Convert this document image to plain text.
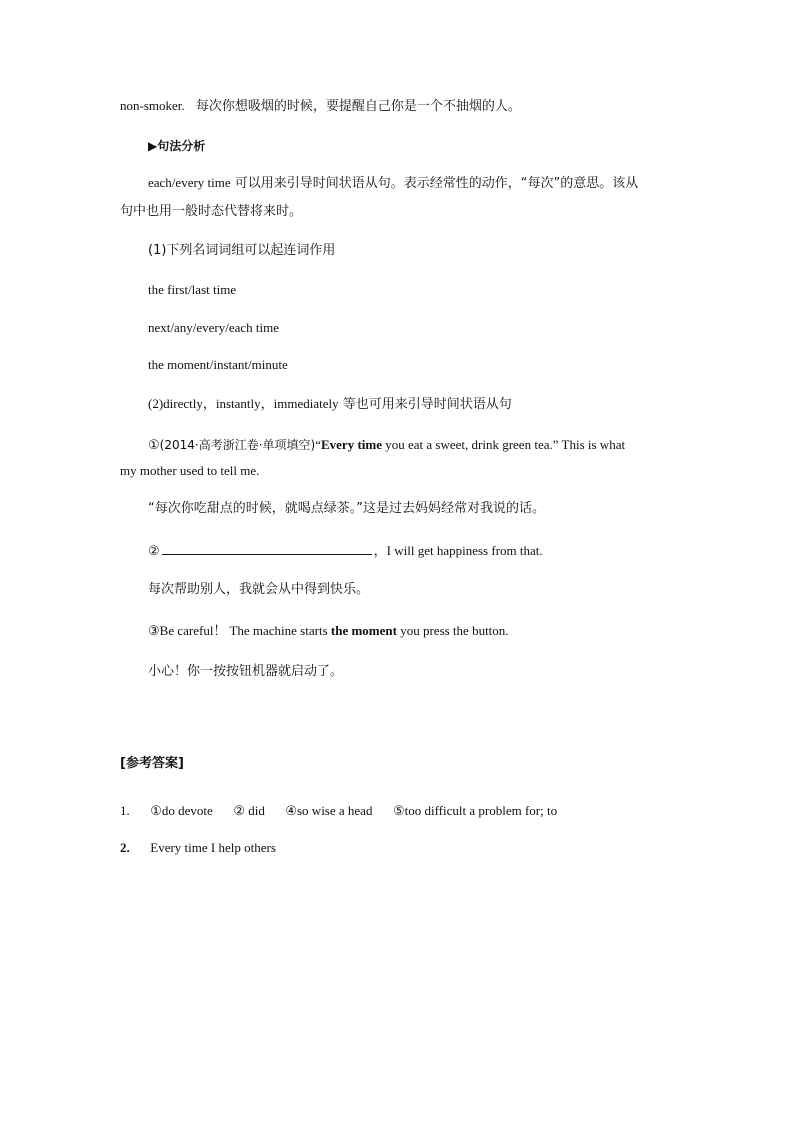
non-smoker. 每次你想吸烟的时候，要提醒自己你是一个不抽烟的人。
▶句法分析
each/every time 可以用来引导时间状语从句。表示经常性的动作，“每次”的意思。该从
句中也用一般时态代替将来时。
(1)下列名词词组可以起连词作用
the first/last time
next/any/every/each time
the moment/instant/minute
(2)directly，instantly，immediately 等也可用来引导时间状语从句
①(2014·高考浙江卷·单项填空)“Every time you eat a sweet, drink green tea.” This is what
my mother used to tell me.
“每次你吃甜点的时候，就喝点绿茶。”这是过去妈妈经常对我说的话。
②	，I will get happiness from that.
每次帮助别人，我就会从中得到快乐。
③Be careful！ The machine starts the moment you press the button.
小心！你一按按钮机器就启动了。
[参考答案]
1. ①do devote ② did ④so wise a head ⑤too difficult a problem for; to
2. Every time I help others
